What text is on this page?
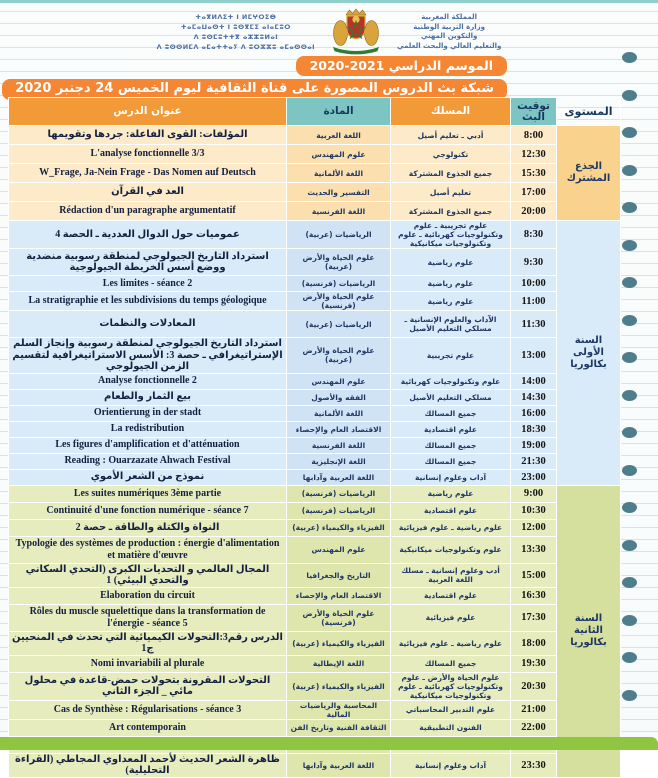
ⵜⴰⴳⵍⴷⵉⵜ ⵏ ⵍⵎⵖⵔⵉⴱ
ⵜⴰⵎⴰⵡⴰⵙⵜ ⵏ ⵓⵙⴳⵎⵉ ⴰⵏⴰⵎⵓⵔ
ⴷ ⵓⵙⵎⵓⵜⵜⴳ ⴰⵣⵣⵓⵍⴰⵏ
ⴷ ⵓⵙⵙⵍⵎⴷ ⴰⵎⴰⵜⵜⴰⵢ ⴷ ⵓⵔⵣⵣⵓ ⴰⵎⴰⵙⵙⴰⵏ
المملكة المغربية
وزارة التربية الوطنية
والتكوين المهني
والتعليم العالي والبحث العلمي
الموسم الدراسي 2021-2020
شبكة بث الدروس المصورة على قناة الثقافية ليوم الخميس 24 دجنبر 2020
المستوى	توقيت البث	المسلك	المادة	عنوان الدرس
الجذع المشترك	8:00	أدبي ـ تعليم أصيل	اللغة العربية	المؤلفات: القوى الفاعلة: جردها وتقويمها
	12:30	تكنولوجي	علوم المهندس	L'analyse fonctionnelle 3/3
	15:30	جميع الجذوع المشتركة	اللغة الألمانية	W_Frage, Ja-Nein Frage - Das Nomen auf Deutsch
	17:00	تعليم أصيل	التفسير والحديث	العد في القرآن
	20:00	جميع الجذوع المشتركة	اللغة الفرنسية	Rédaction d'un paragraphe argumentatif
السنة الأولى بكالوريا	8:30	علوم تجريبية ـ علوم وتكنولوجيات كهربائية ـ علوم وتكنولوجيات ميكانيكية	الرياضيات (عربية)	عموميات حول الدوال العددية ـ الحصة 4
	9:30	علوم رياضية	علوم الحياة والأرض (عربية)	استرداد التاريخ الجيولوجي لمنطقة رسوبية منضدية ووضع أسس الخريطة الجيولوجية
	10:00	علوم رياضية	الرياضيات (فرنسية)	Les limites - séance 2
	11:00	علوم رياضية	علوم الحياة والأرض (فرنسية)	La stratigraphie et les subdivisions du temps géologique
	11:30	الآداب والعلوم الإنسانية ـ مسلكي التعليم الأصيل	الرياضيات (عربية)	المعادلات والنظمات
	13:00	علوم تجريبية	علوم الحياة والأرض (عربية)	استرداد التاريخ الجيولوجي لمنطقة رسوبية وإنجاز السلم الإستراتيغرافي ـ حصة 3: الأسس الاستراتيغرافية لتقسيم الزمن الجيولوجي
	14:00	علوم وتكنولوجيات كهربائية	علوم المهندس	Analyse fonctionnelle 2
	14:30	مسلكي التعليم الأصيل	الفقه والأصول	بيع الثمار والطعام
	16:00	جميع المسالك	اللغة الألمانية	Orientierung in der stadt
	18:30	علوم اقتصادية	الاقتصاد العام والإحصاء	La redistribution
	19:00	جميع المسالك	اللغة الفرنسية	Les figures d'amplification et d'atténuation
	21:30	جميع المسالك	اللغة الإنجليزية	Reading : Ouarzazate Ahwach Festival
	23:00	آداب وعلوم إنسانية	اللغة العربية وآدابها	نموذج من الشعر الأموي
السنة الثانية بكالوريا	9:00	علوم رياضية	الرياضيات (فرنسية)	Les suites numériques 3ème partie
	10:30	علوم اقتصادية	الرياضيات (فرنسية)	Continuité d'une fonction numérique - séance 7
	12:00	علوم رياضية ـ علوم فيزيائية	الفيزياء والكيمياء (عربية)	النواة والكتلة والطاقة ـ حصة 2
	13:30	علوم وتكنولوجيات ميكانيكية	علوم المهندس	Typologie des systèmes de production : énergie d'alimentation et matière d'œuvre
	15:00	أدب وعلوم إنسانية ـ مسلك اللغة العربية	التاريخ والجغرافيا	المجال العالمي و التحديات الكبرى (التحدي السكاني والتحدي البيئي) 1
	16:30	علوم اقتصادية	الاقتصاد العام والإحصاء	Elaboration du circuit
	17:30	علوم فيزيائية	علوم الحياة والأرض (فرنسية)	Rôles du muscle squelettique dans la transformation de l'énergie - séance 5
	18:00	علوم رياضية ـ علوم فيزيائية	الفيزياء والكيمياء (عربية)	الدرس رقم3:التحولات الكيميائية التي تحدث في المنحيين ج1
	19:30	جميع المسالك	اللغة الإيطالية	Nomi invariabili al plurale
	20:30	علوم الحياة والأرض ـ علوم وتكنولوجيات كهربائية ـ علوم وتكنولوجيات ميكانيكية	الفيزياء والكيمياء (عربية)	التحولات المقرونة بتحولات حمض-قاعدة في محلول مائي _ الجزء الثاني
	21:00	علوم التدبير المحاسباتي	المحاسبة والرياضيات المالية	Cas de Synthèse : Régularisations - séance 3
	22:00	الفنون التطبيقية	الثقافة الفنية وتاريخ الفن	Art contemporain

	23:30	آداب وعلوم إنسانية	اللغة العربية وآدابها	ظاهرة الشعر الحديث لأحمد المعداوي المجاطي (القراءة التحليلية)
